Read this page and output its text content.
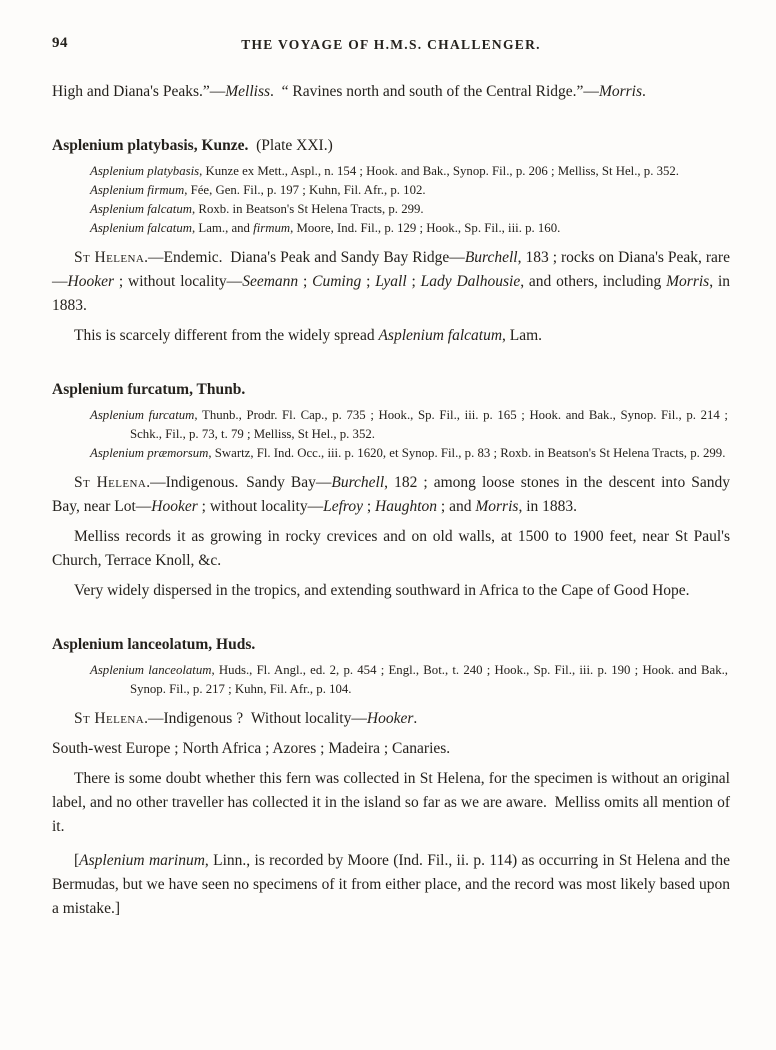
94	THE VOYAGE OF H.M.S. CHALLENGER.

High and Diana's Peaks.”—Melliss. “ Ravines north and south of the Central Ridge.”—Morris.

Asplenium platybasis, Kunze. (Plate XXI.)

Asplenium platybasis, Kunze ex Mett., Aspl., n. 154 ; Hook. and Bak., Synop. Fil., p. 206 ; Melliss, St Hel., p. 352.

Asplenium firmum, Fée, Gen. Fil., p. 197 ; Kuhn, Fil. Afr., p. 102.

Asplenium falcatum, Roxb. in Beatson's St Helena Tracts, p. 299.

Asplenium falcatum, Lam., and firmum, Moore, Ind. Fil., p. 129 ; Hook., Sp. Fil., iii. p. 160.

St Helena.—Endemic. Diana's Peak and Sandy Bay Ridge—Burchell, 183 ; rocks on Diana's Peak, rare—Hooker ; without locality—Seemann ; Cuming ; Lyall ; Lady Dalhousie, and others, including Morris, in 1883.

This is scarcely different from the widely spread Asplenium falcatum, Lam.

Asplenium furcatum, Thunb.

Asplenium furcatum, Thunb., Prodr. Fl. Cap., p. 735 ; Hook., Sp. Fil., iii. p. 165 ; Hook. and Bak., Synop. Fil., p. 214 ; Schk., Fil., p. 73, t. 79 ; Melliss, St Hel., p. 352.

Asplenium præmorsum, Swartz, Fl. Ind. Occ., iii. p. 1620, et Synop. Fil., p. 83 ; Roxb. in Beatson's St Helena Tracts, p. 299.

St Helena.—Indigenous. Sandy Bay—Burchell, 182 ; among loose stones in the descent into Sandy Bay, near Lot—Hooker ; without locality—Lefroy ; Haughton ; and Morris, in 1883.

Melliss records it as growing in rocky crevices and on old walls, at 1500 to 1900 feet, near St Paul's Church, Terrace Knoll, &c.

Very widely dispersed in the tropics, and extending southward in Africa to the Cape of Good Hope.

Asplenium lanceolatum, Huds.

Asplenium lanceolatum, Huds., Fl. Angl., ed. 2, p. 454 ; Engl., Bot., t. 240 ; Hook., Sp. Fil., iii. p. 190 ; Hook. and Bak., Synop. Fil., p. 217 ; Kuhn, Fil. Afr., p. 104.

St Helena.—Indigenous ? Without locality—Hooker.

South-west Europe ; North Africa ; Azores ; Madeira ; Canaries.

There is some doubt whether this fern was collected in St Helena, for the specimen is without an original label, and no other traveller has collected it in the island so far as we are aware. Melliss omits all mention of it.

[Asplenium marinum, Linn., is recorded by Moore (Ind. Fil., ii. p. 114) as occurring in St Helena and the Bermudas, but we have seen no specimens of it from either place, and the record was most likely based upon a mistake.]
